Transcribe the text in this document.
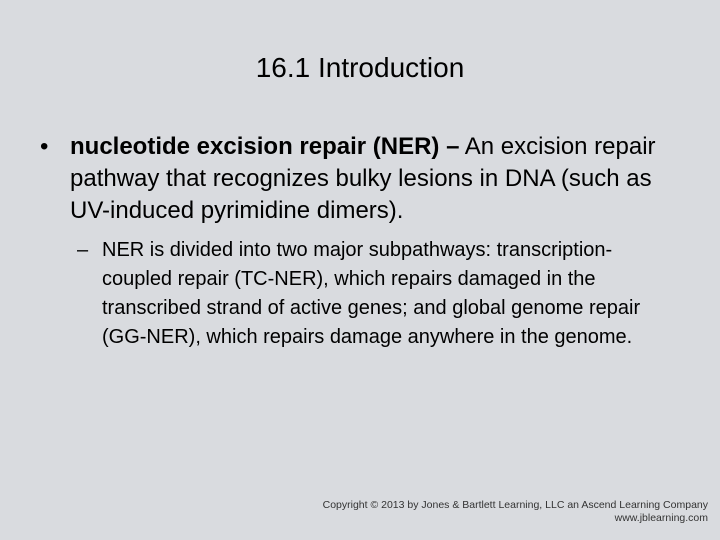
16.1 Introduction
• nucleotide excision repair (NER) – An excision repair pathway that recognizes bulky lesions in DNA (such as UV-induced pyrimidine dimers).
– NER is divided into two major subpathways: transcription-coupled repair (TC-NER), which repairs damaged in the transcribed strand of active genes; and global genome repair (GG-NER), which repairs damage anywhere in the genome.
Copyright © 2013 by Jones & Bartlett Learning, LLC an Ascend Learning Company
www.jblearning.com
